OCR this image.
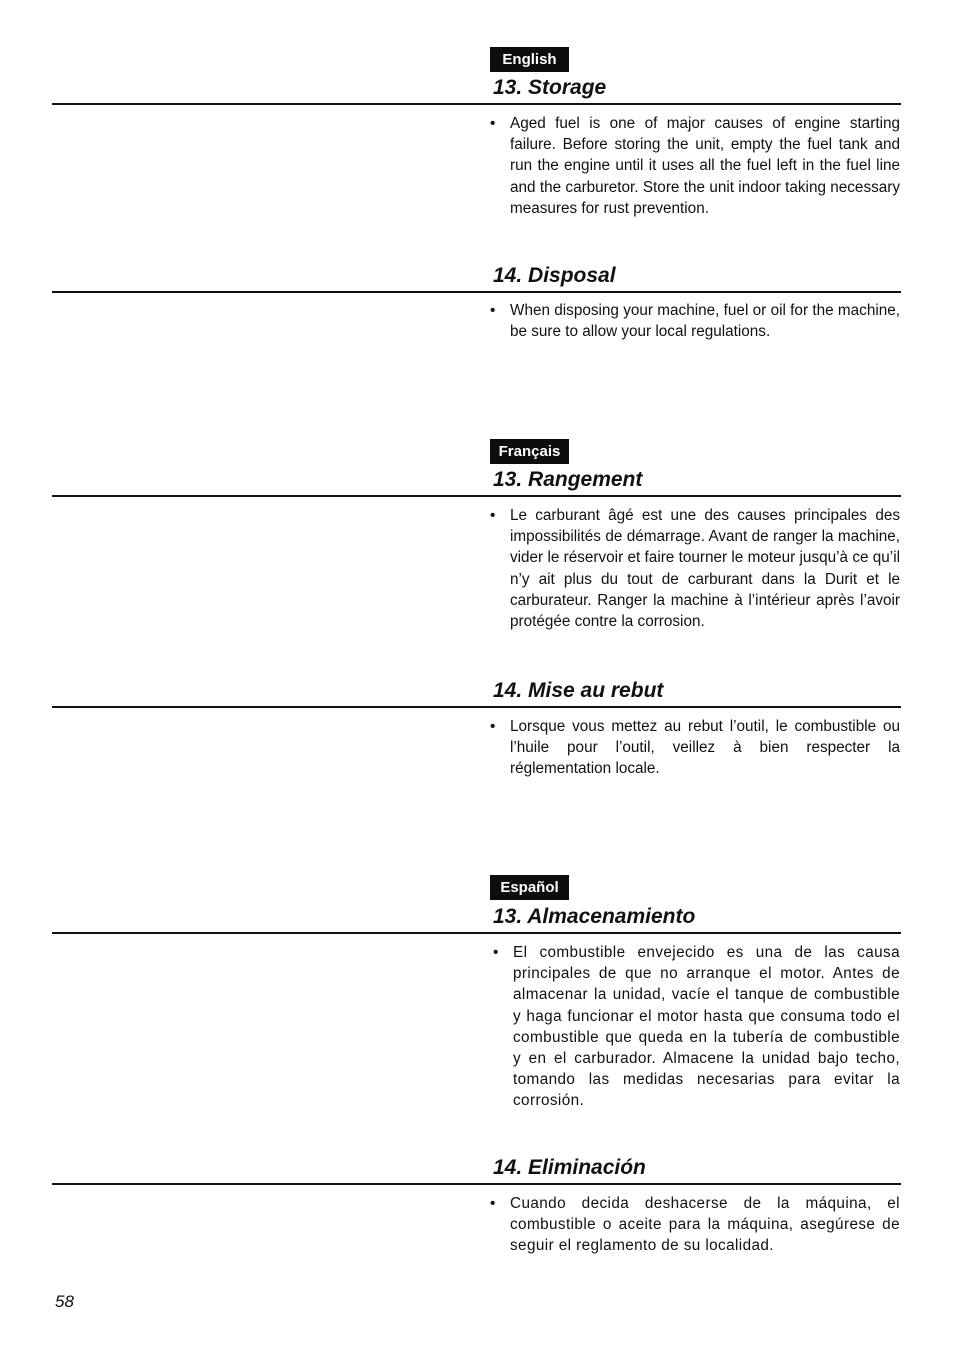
English
13. Storage

• Aged fuel is one of major causes of engine starting failure. Before storing the unit, empty the fuel tank and run the engine until it uses all the fuel left in the fuel line and the carburetor. Store the unit indoor taking necessary measures for rust prevention.

14. Disposal

• When disposing your machine, fuel or oil for the machine, be sure to allow your local regulations.

Français
13. Rangement

• Le carburant âgé est une des causes principales des impossibilités de démarrage. Avant de ranger la machine, vider le réservoir et faire tourner le moteur jusqu’à ce qu’il n’y ait plus du tout de carburant dans la Durit et le carburateur. Ranger la machine à l’intérieur après l’avoir protégée contre la corrosion.

14. Mise au rebut

• Lorsque vous mettez au rebut l’outil, le combustible ou l’huile pour l’outil, veillez à bien respecter la réglementation locale.

Español
13. Almacenamiento

• El combustible envejecido es una de las causa principales de que no arranque el motor. Antes de almacenar la unidad, vacíe el tanque de combustible y haga funcionar el motor hasta que consuma todo el combustible que queda en la tubería de combustible y en el carburador. Almacene la unidad bajo techo, tomando las medidas necesarias para evitar la corrosión.

14. Eliminación

• Cuando decida deshacerse de la máquina, el combustible o aceite para la máquina, asegúrese de seguir el reglamento de su localidad.

58
